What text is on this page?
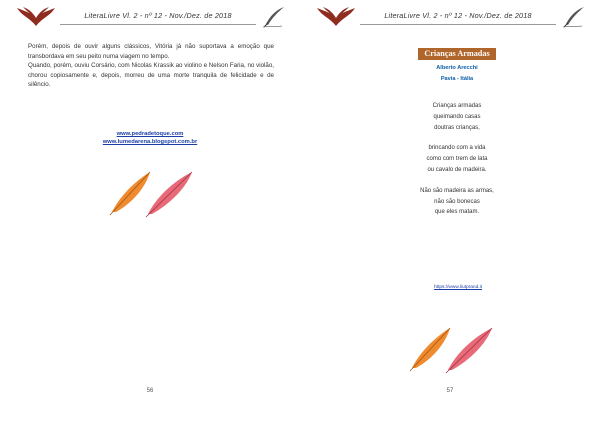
LiteraLivre Vl. 2 - nº 12 - Nov./Dez. de 2018

Porém, depois de ouvir alguns clássicos, Vitória já não suportava a emoção que transbordava em seu peito numa viagem no tempo.

Quando, porém, ouviu Corsário, com Nicolas Krassik ao violino e Nelson Faria, no violão, chorou copiosamente e, depois, morreu de uma morte tranquila de felicidade e de silêncio.

www.pedradetoque.com
www.lumedarena.blogspot.com.br
56
LiteraLivre Vl. 2 - nº 12 - Nov./Dez. de 2018
Crianças Armadas
Alberto Arecchi
Pavia - Itália
Crianças armadas
queimando casas
doutras crianças,
brincando com a vida
como com trem de lata
ou cavalo de madeira.
Não são madeira as armas,
não são bonecas
que eles matam.
https://www.liutprand.it
57
